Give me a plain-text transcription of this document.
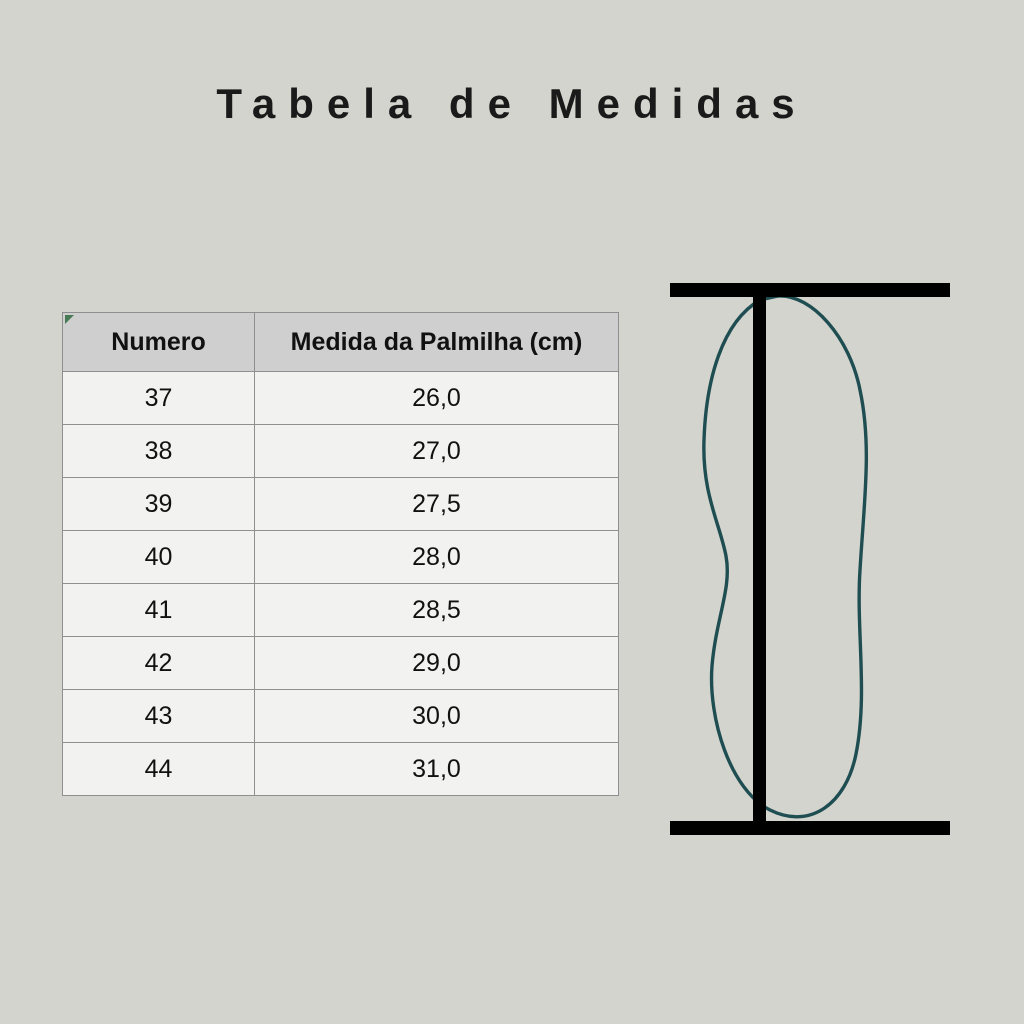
Tabela de Medidas
Numero	Medida da Palmilha (cm)
37	26,0
38	27,0
39	27,5
40	28,0
41	28,5
42	29,0
43	30,0
44	31,0
